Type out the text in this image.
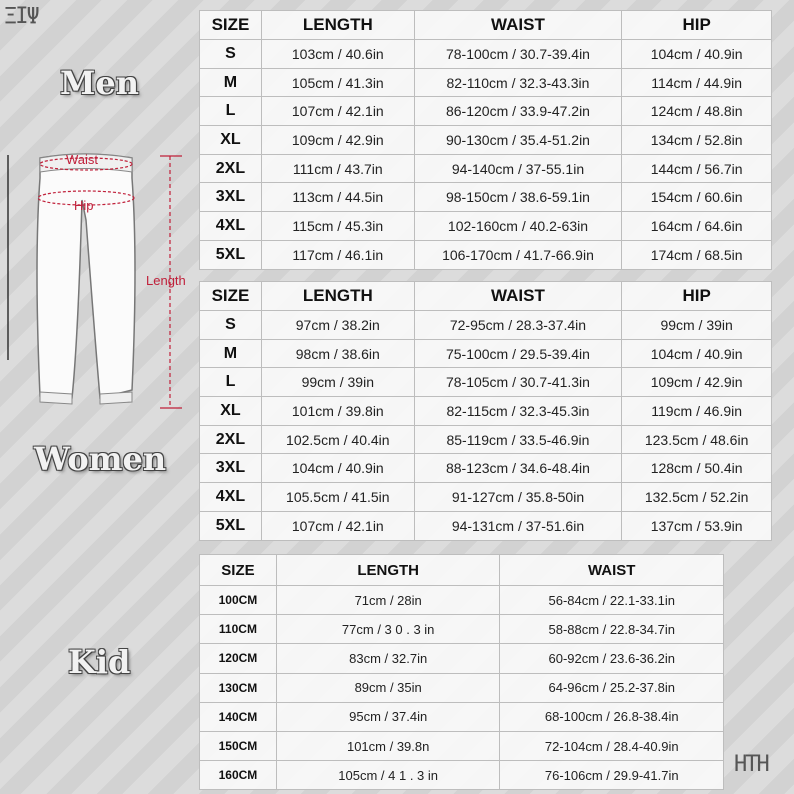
ΞIΨ
HTH
Men
Women
Kid
Waist
Hip
Length
SIZE	LENGTH	WAIST	HIP
S	103cm / 40.6in	78-100cm / 30.7-39.4in	104cm / 40.9in
M	105cm / 41.3in	82-110cm / 32.3-43.3in	114cm / 44.9in
L	107cm / 42.1in	86-120cm / 33.9-47.2in	124cm / 48.8in
XL	109cm / 42.9in	90-130cm / 35.4-51.2in	134cm / 52.8in
2XL	111cm / 43.7in	94-140cm / 37-55.1in	144cm / 56.7in
3XL	113cm / 44.5in	98-150cm / 38.6-59.1in	154cm / 60.6in
4XL	115cm / 45.3in	102-160cm / 40.2-63in	164cm / 64.6in
5XL	117cm / 46.1in	106-170cm / 41.7-66.9in	174cm / 68.5in
SIZE	LENGTH	WAIST	HIP
S	97cm / 38.2in	72-95cm / 28.3-37.4in	99cm / 39in
M	98cm / 38.6in	75-100cm / 29.5-39.4in	104cm / 40.9in
L	99cm / 39in	78-105cm / 30.7-41.3in	109cm / 42.9in
XL	101cm / 39.8in	82-115cm / 32.3-45.3in	119cm / 46.9in
2XL	102.5cm / 40.4in	85-119cm / 33.5-46.9in	123.5cm / 48.6in
3XL	104cm / 40.9in	88-123cm / 34.6-48.4in	128cm / 50.4in
4XL	105.5cm / 41.5in	91-127cm / 35.8-50in	132.5cm / 52.2in
5XL	107cm / 42.1in	94-131cm / 37-51.6in	137cm / 53.9in
SIZE	LENGTH	WAIST
100CM	71cm / 28in	56-84cm / 22.1-33.1in
110CM	77cm / 3 0 . 3 in	58-88cm / 22.8-34.7in
120CM	83cm / 32.7in	60-92cm / 23.6-36.2in
130CM	89cm / 35in	64-96cm / 25.2-37.8in
140CM	95cm / 37.4in	68-100cm / 26.8-38.4in
150CM	101cm / 39.8n	72-104cm / 28.4-40.9in
160CM	105cm / 4 1 . 3 in	76-106cm / 29.9-41.7in
